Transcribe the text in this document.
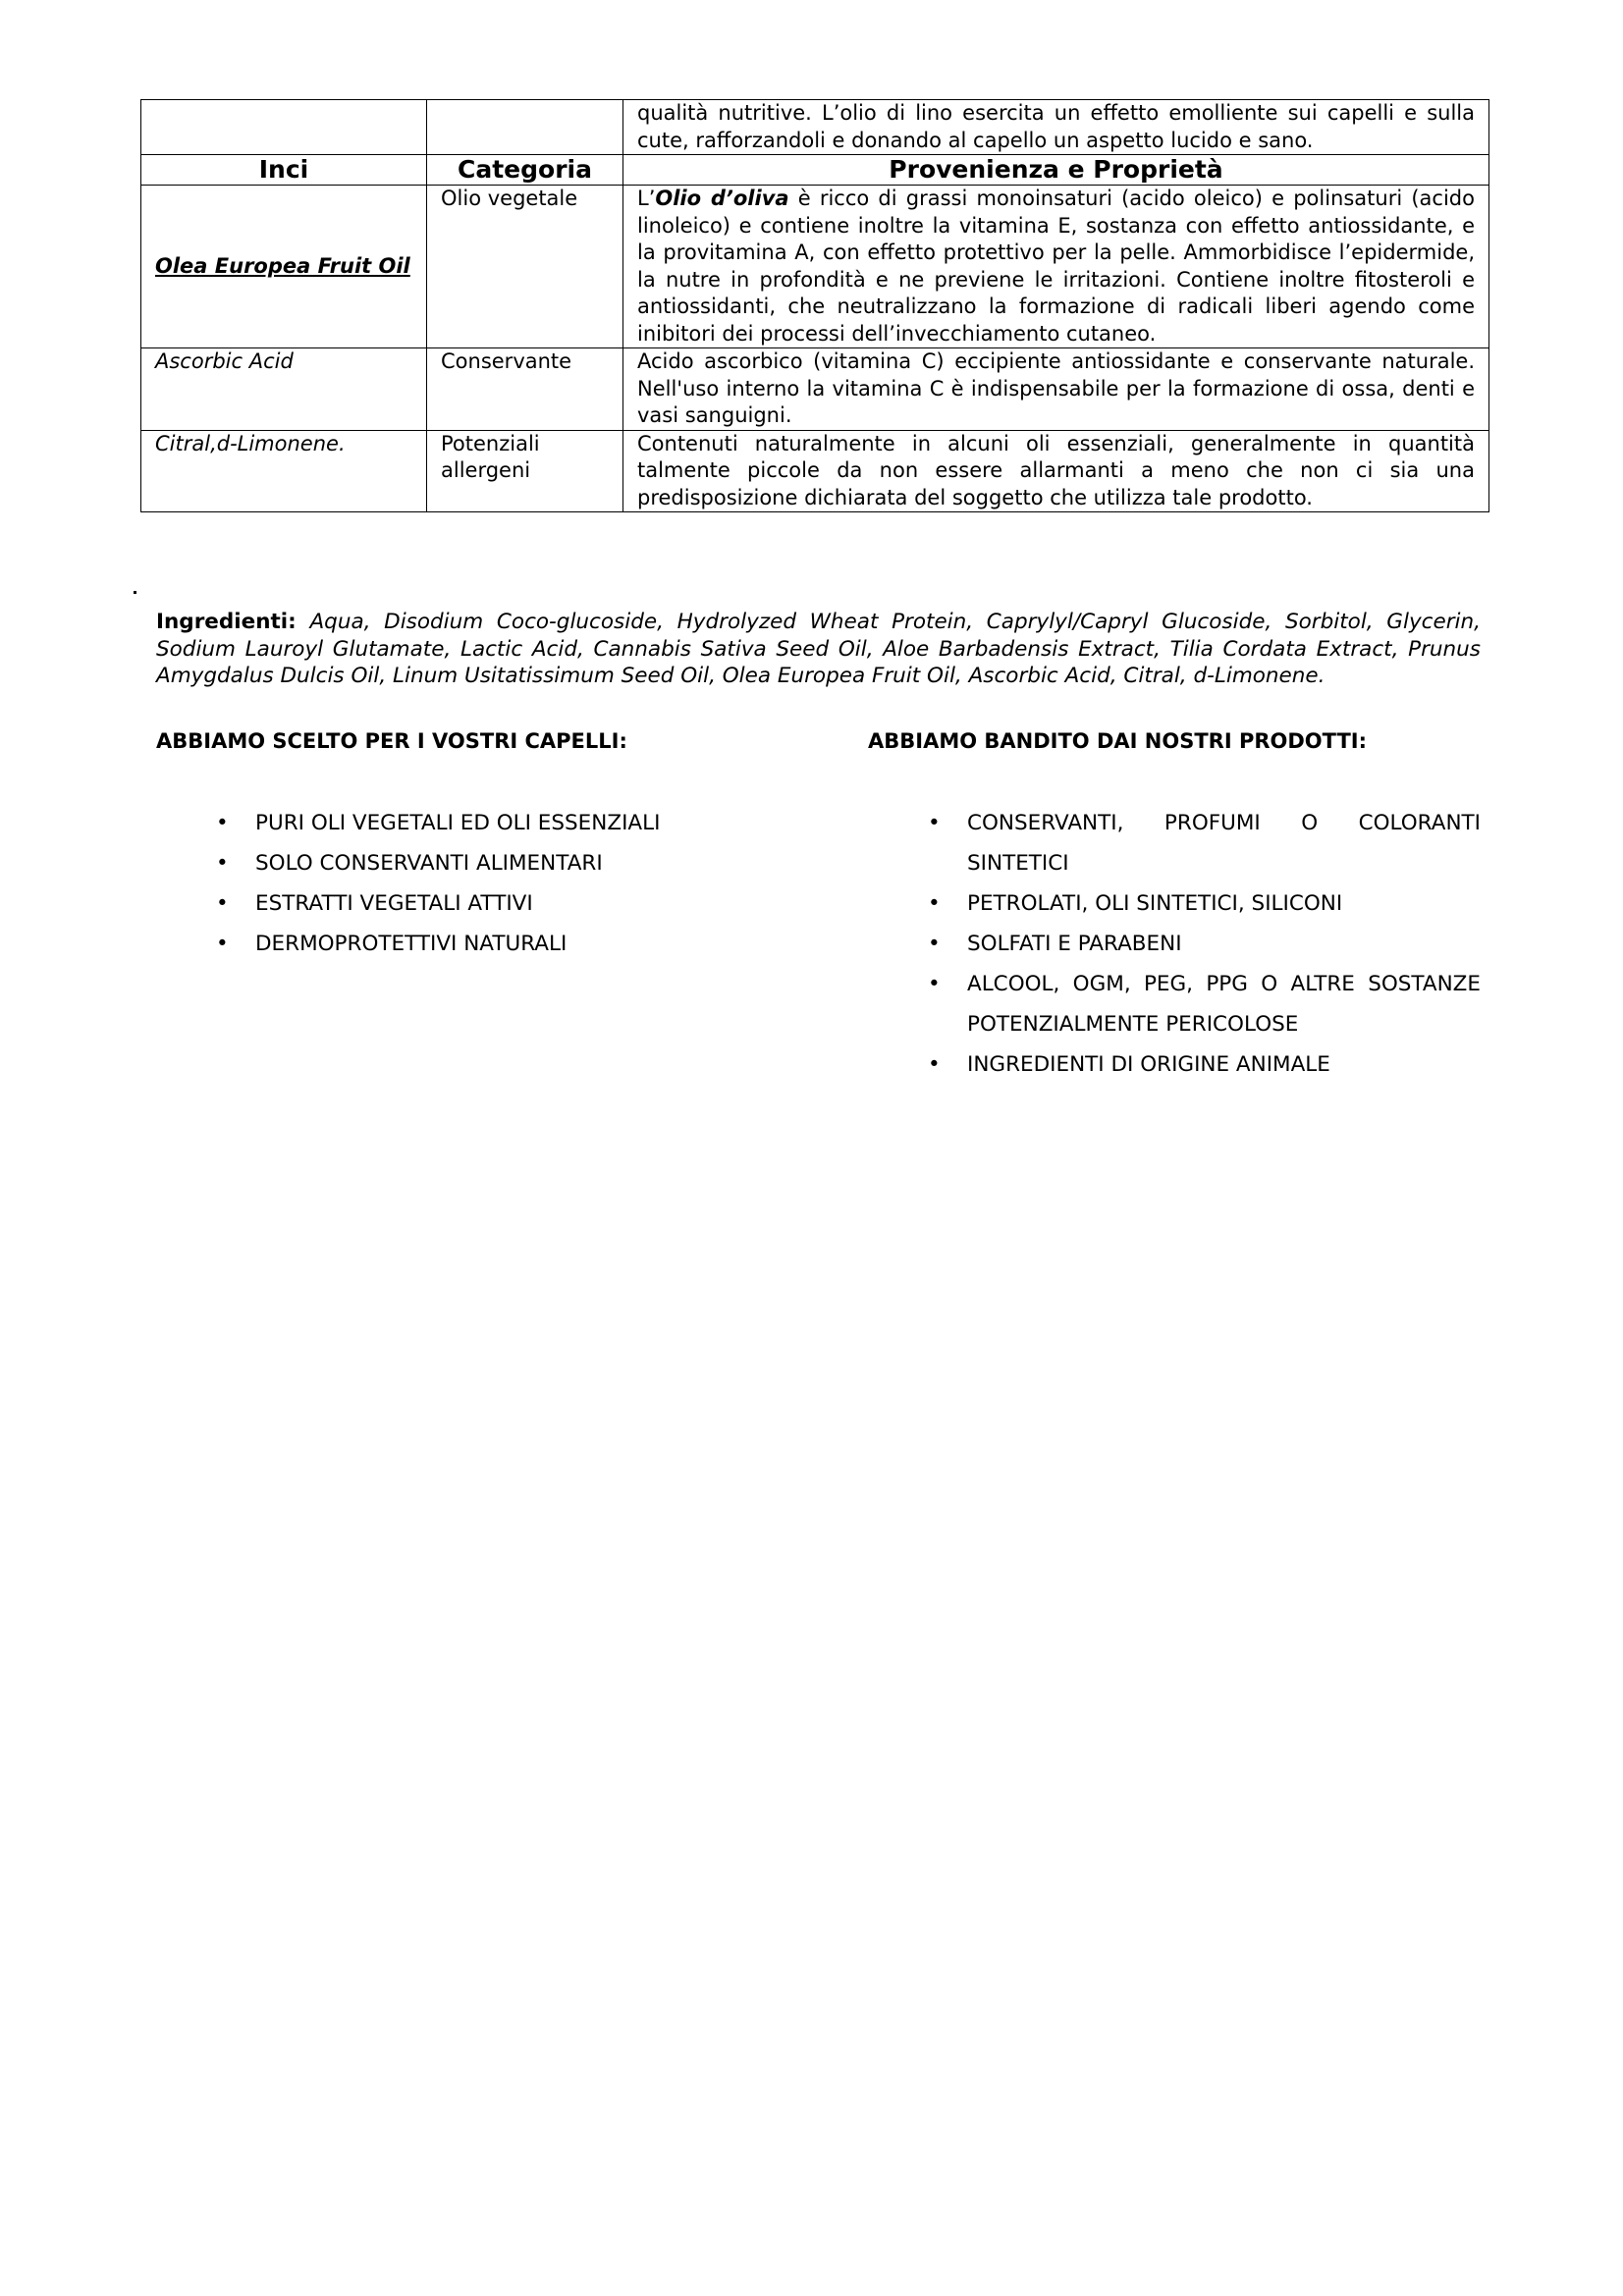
		qualità nutritive. L’olio di lino esercita un effetto emolliente sui capelli e sulla cute, rafforzandoli e donando al capello un aspetto lucido e sano.
Inci	Categoria	Provenienza e Proprietà
Olea Europea Fruit Oil	Olio vegetale	L’Olio d’oliva è ricco di grassi monoinsaturi (acido oleico) e polinsaturi (acido linoleico) e contiene inoltre la vitamina E, sostanza con effetto antiossidante, e la provitamina A, con effetto protettivo per la pelle. Ammorbidisce l’epidermide, la nutre in profondità e ne previene le irritazioni. Contiene inoltre fitosteroli e antiossidanti, che neutralizzano la formazione di radicali liberi agendo come inibitori dei processi dell’invecchiamento cutaneo.
Ascorbic Acid	Conservante	Acido ascorbico (vitamina C) eccipiente antiossidante e conservante naturale. Nell'uso interno la vitamina C è indispensabile per la formazione di ossa, denti e vasi sanguigni.
Citral,d-Limonene.	Potenziali allergeni	Contenuti naturalmente in alcuni oli essenziali, generalmente in quantità talmente piccole da non essere allarmanti a meno che non ci sia una predisposizione dichiarata del soggetto che utilizza tale prodotto.

Ingredienti: Aqua, Disodium Coco-glucoside, Hydrolyzed Wheat Protein, Caprylyl/Capryl Glucoside, Sorbitol, Glycerin, Sodium Lauroyl Glutamate, Lactic Acid, Cannabis Sativa Seed Oil, Aloe Barbadensis Extract, Tilia Cordata Extract, Prunus Amygdalus Dulcis Oil, Linum Usitatissimum Seed Oil, Olea Europea Fruit Oil, Ascorbic Acid, Citral, d-Limonene.

ABBIAMO SCELTO PER I VOSTRI CAPELLI:	ABBIAMO BANDITO DAI NOSTRI PRODOTTI:
• PURI OLI VEGETALI ED OLI ESSENZIALI
• SOLO CONSERVANTI ALIMENTARI
• ESTRATTI VEGETALI ATTIVI
• DERMOPROTETTIVI NATURALI
• CONSERVANTI, PROFUMI O COLORANTI SINTETICI
• PETROLATI, OLI SINTETICI, SILICONI
• SOLFATI E PARABENI
• ALCOOL, OGM, PEG, PPG O ALTRE SOSTANZE POTENZIALMENTE PERICOLOSE
• INGREDIENTI DI ORIGINE ANIMALE
